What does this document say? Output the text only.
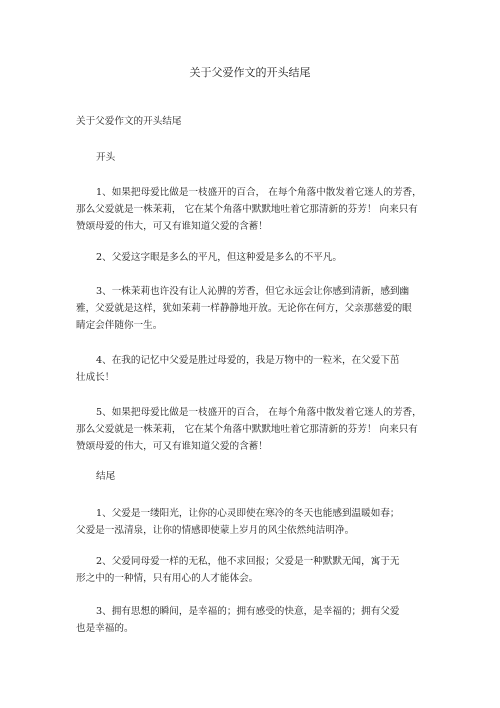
关于父爱作文的开头结尾

关于父爱作文的开头结尾

开头

1、如果把母爱比做是一枝盛开的百合， 在每个角落中散发着它迷人的芳香，

那么父爱就是一株茉莉， 它在某个角落中默默地吐着它那清新的芬芳！ 向来只有

赞颂母爱的伟大，可又有谁知道父爱的含蓄！

2、父爱这字眼是多么的平凡，但这种爱是多么的不平凡。

3、一株茉莉也许没有让人沁脾的芳香，但它永远会让你感到清新，感到幽

雅，父爱就是这样，犹如茉莉一样静静地开放。无论你在何方，父亲那慈爱的眼

睛定会伴随你一生。

4、在我的记忆中父爱是胜过母爱的，我是万物中的一粒米，在父爱下茁

壮成长！

5、如果把母爱比做是一枝盛开的百合， 在每个角落中散发着它迷人的芳香，

那么父爱就是一株茉莉， 它在某个角落中默默地吐着它那清新的芬芳！ 向来只有

赞颂母爱的伟大，可又有谁知道父爱的含蓄！

结尾

1、父爱是一缕阳光，让你的心灵即使在寒冷的冬天也能感到温暖如春；

父爱是一泓清泉，让你的情感即使蒙上岁月的风尘依然纯洁明净。

2、父爱同母爱一样的无私，他不求回报；父爱是一种默默无闻，寓于无

形之中的一种情，只有用心的人才能体会。

3、拥有思想的瞬间，是幸福的；拥有感受的快意，是幸福的；拥有父爱

也是幸福的。
